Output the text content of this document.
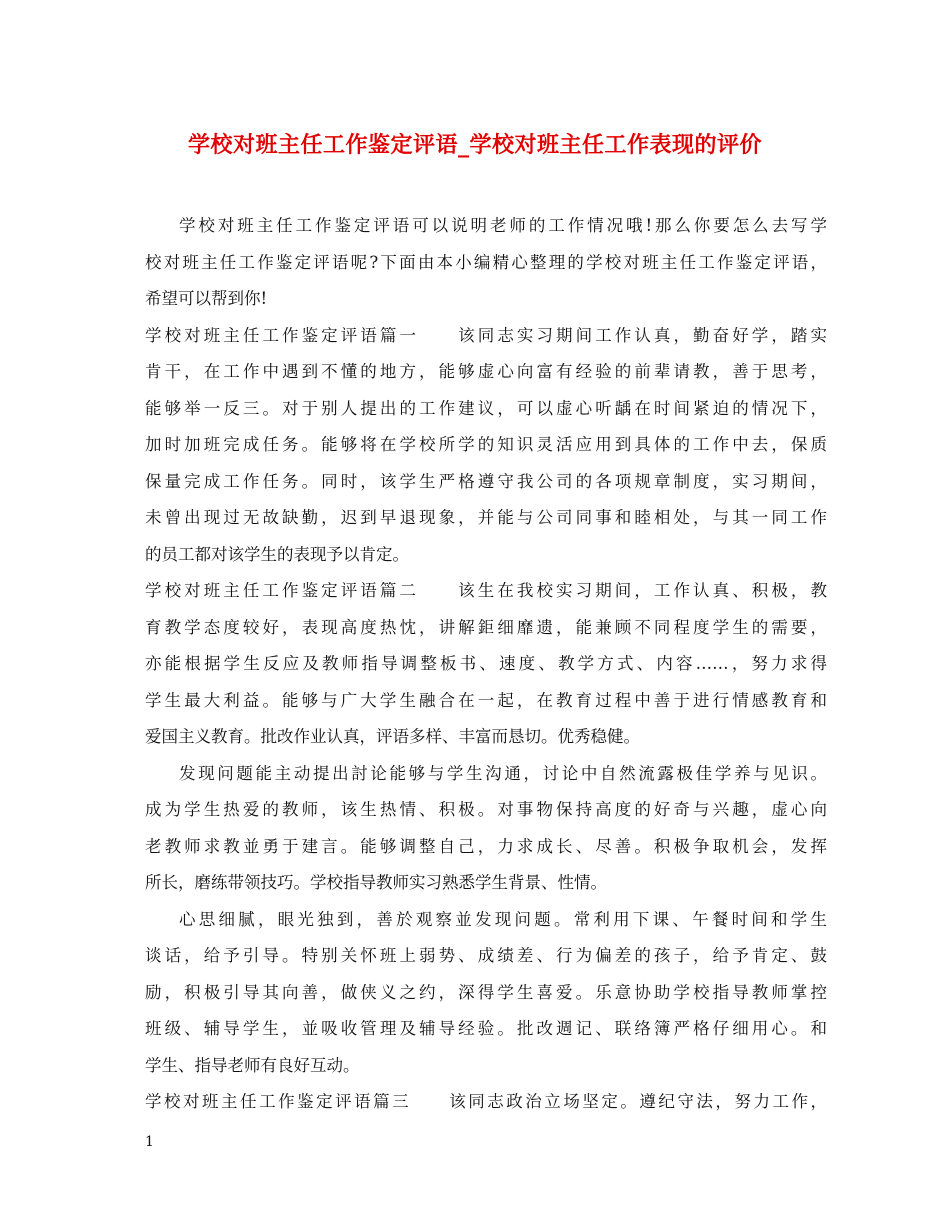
学校对班主任工作鉴定评语_学校对班主任工作表现的评价
学校对班主任工作鉴定评语可以说明老师的工作情况哦!那么你要怎么去写学
校对班主任工作鉴定评语呢?下面由本小编精心整理的学校对班主任工作鉴定评语，
希望可以帮到你!
学校对班主任工作鉴定评语篇一　　该同志实习期间工作认真，勤奋好学，踏实
肯干，在工作中遇到不懂的地方，能够虚心向富有经验的前辈请教，善于思考，
能够举一反三。对于别人提出的工作建议，可以虚心听龋在时间紧迫的情况下，
加时加班完成任务。能够将在学校所学的知识灵活应用到具体的工作中去，保质
保量完成工作任务。同时，该学生严格遵守我公司的各项规章制度，实习期间，
未曾出现过无故缺勤，迟到早退现象，并能与公司同事和睦相处，与其一同工作
的员工都对该学生的表现予以肯定。
学校对班主任工作鉴定评语篇二　　该生在我校实习期间，工作认真、积极，教
育教学态度较好，表现高度热忱，讲解鉅细靡遗，能兼顾不同程度学生的需要，
亦能根据学生反应及教师指导调整板书、速度、教学方式、内容……，努力求得
学生最大利益。能够与广大学生融合在一起，在教育过程中善于进行情感教育和
爱国主义教育。批改作业认真，评语多样、丰富而恳切。优秀稳健。
发现问题能主动提出討论能够与学生沟通，讨论中自然流露极佳学养与见识。
成为学生热爱的教师，该生热情、积极。对事物保持高度的好奇与兴趣，虚心向
老教师求教並勇于建言。能够调整自己，力求成长、尽善。积极争取机会，发挥
所长，磨练带领技巧。学校指导教师实习熟悉学生背景、性情。
心思细腻，眼光独到，善於观察並发现问题。常利用下课、午餐时间和学生
谈话，给予引导。特别关怀班上弱势、成绩差、行为偏差的孩子，给予肯定、鼓
励，积极引导其向善，做侠义之约，深得学生喜爱。乐意协助学校指导教师掌控
班级、辅导学生，並吸收管理及辅导经验。批改週记、联络簿严格仔细用心。和
学生、指导老师有良好互动。
学校对班主任工作鉴定评语篇三　　该同志政治立场坚定。遵纪守法，努力工作，
1
